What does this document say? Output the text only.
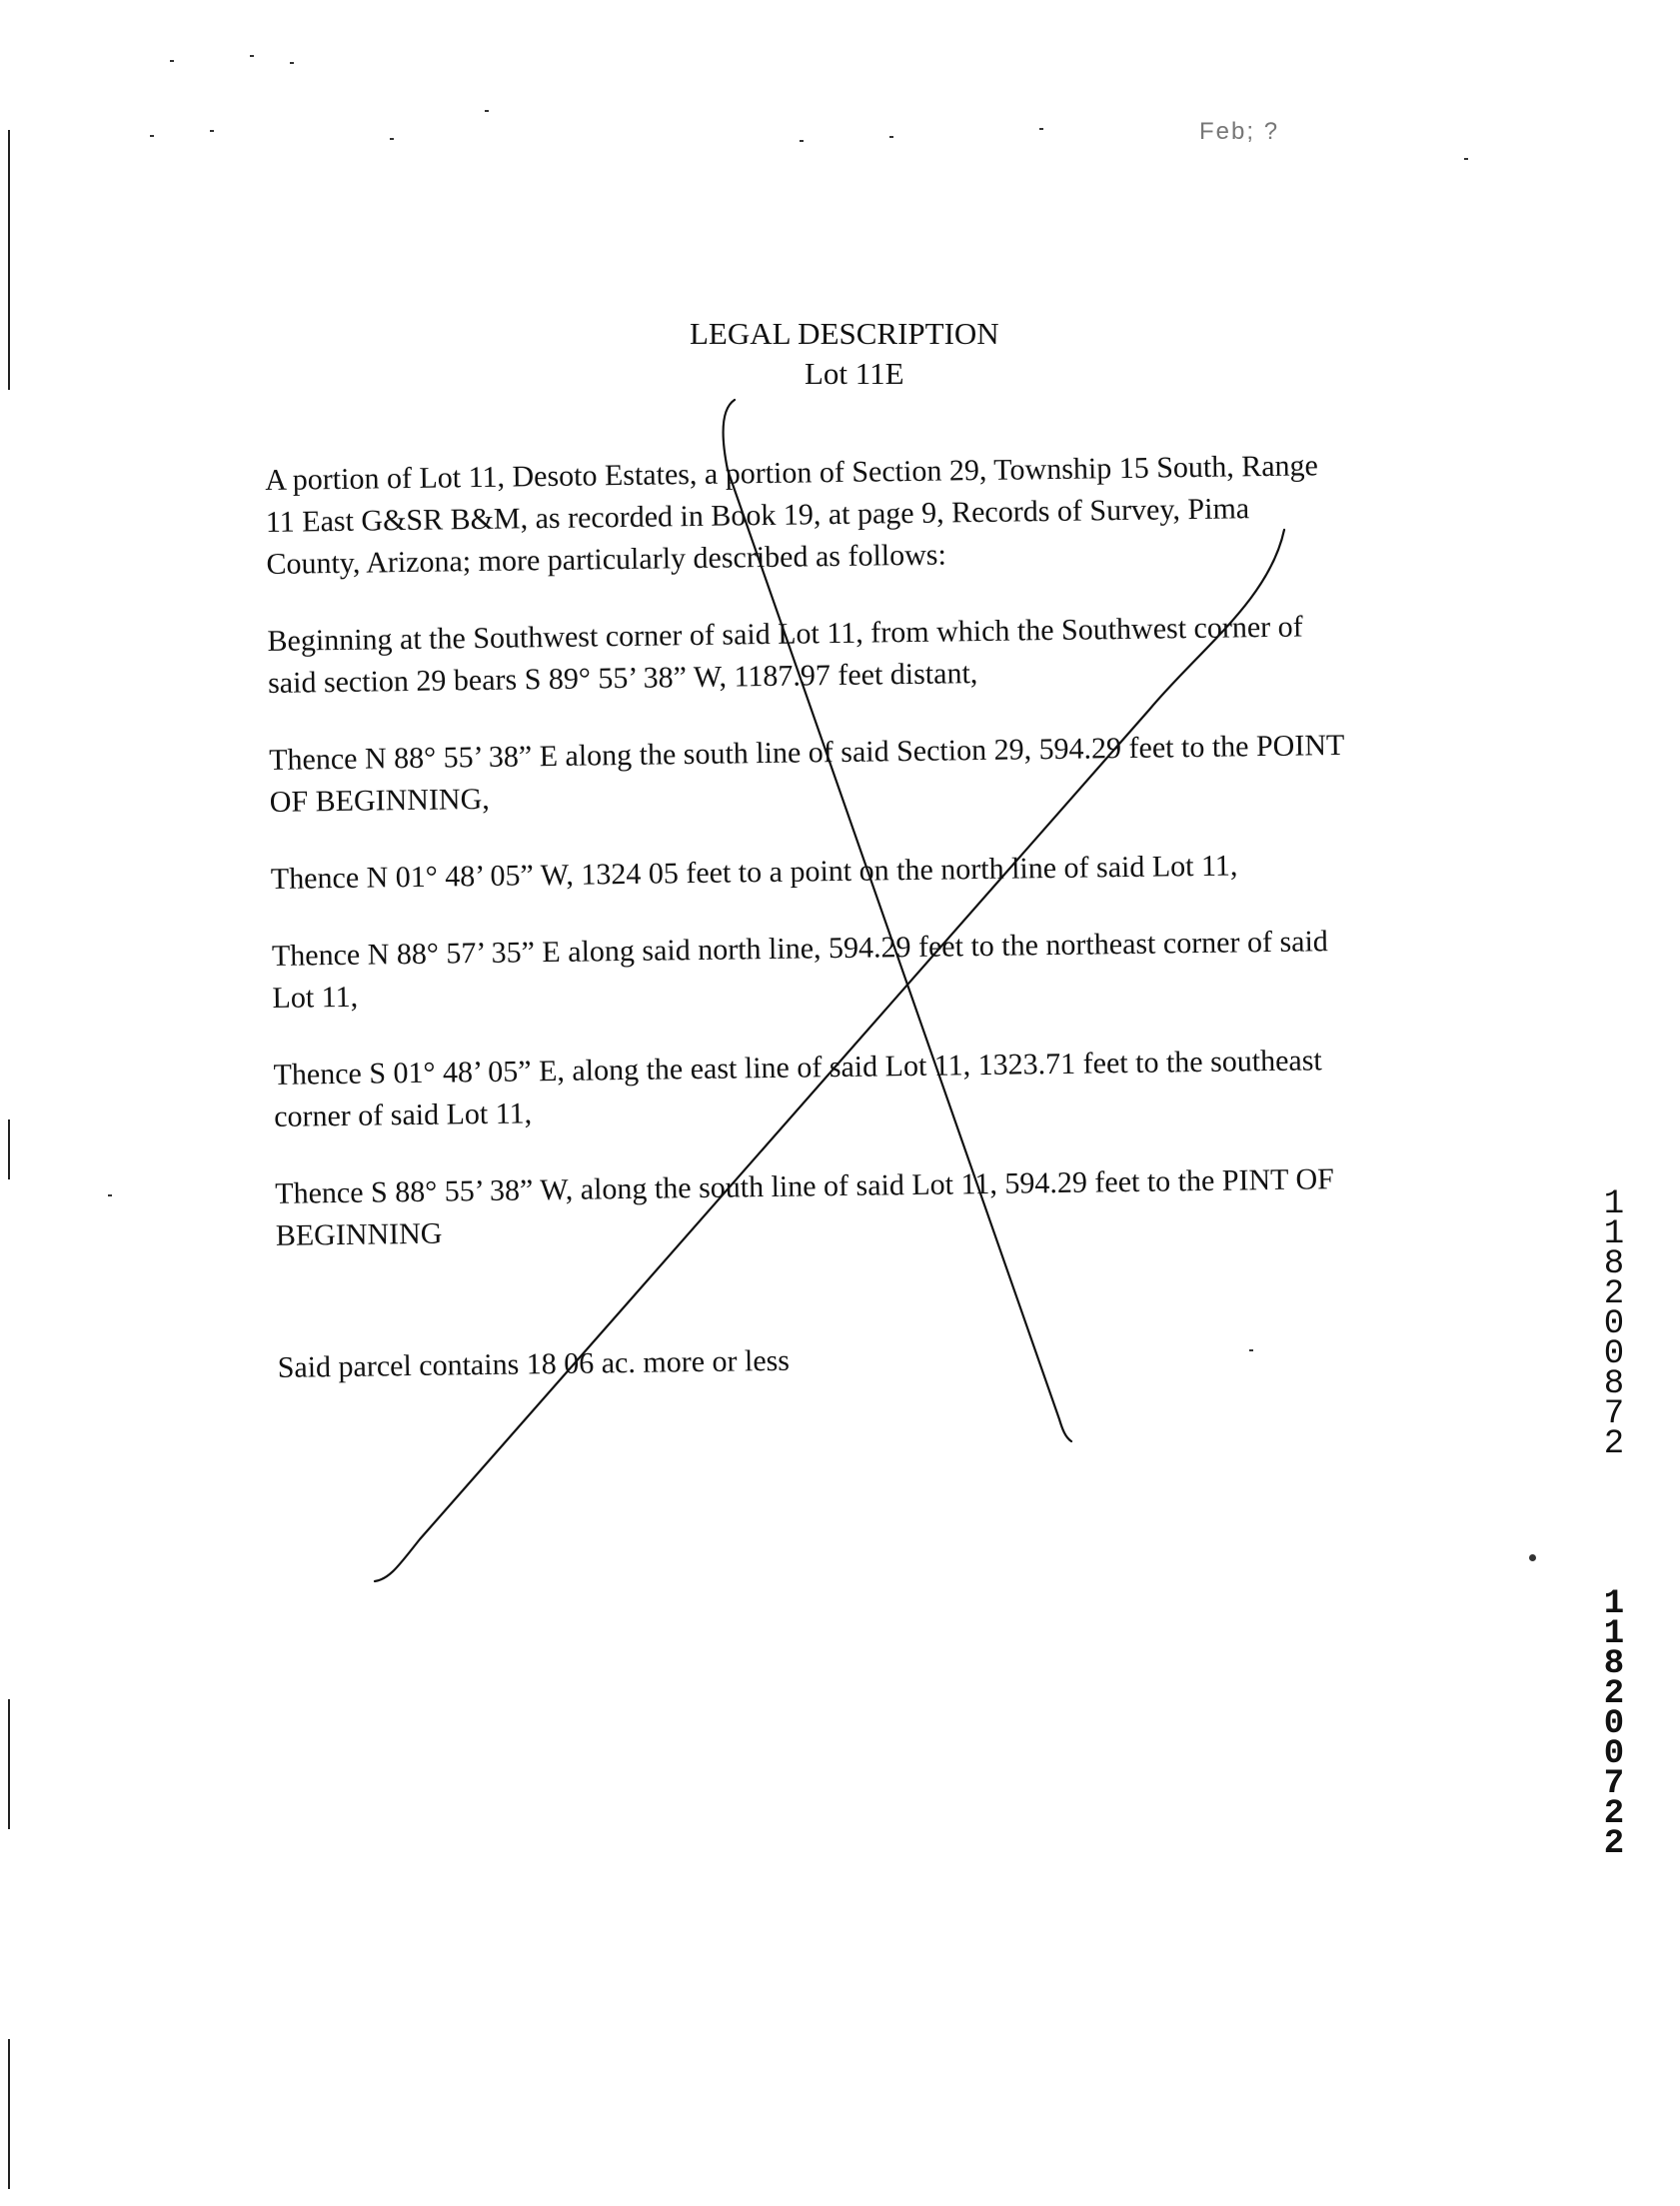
Feb; ?
LEGAL DESCRIPTION
Lot 11E

A portion of Lot 11, Desoto Estates, a portion of Section 29, Township 15 South, Range
11 East G&SR B&M, as recorded in Book 19, at page 9, Records of Survey, Pima
County, Arizona; more particularly described as follows:

Beginning at the Southwest corner of said Lot 11, from which the Southwest corner of
said section 29 bears S 89° 55’ 38” W, 1187.97 feet distant,

Thence N 88° 55’ 38” E along the south line of said Section 29, 594.29 feet to the POINT
OF BEGINNING,

Thence N 01° 48’ 05” W, 1324 05 feet to a point on the north line of said Lot 11,

Thence N 88° 57’ 35” E along said north line, 594.29 feet to the northeast corner of said
Lot 11,

Thence S 01° 48’ 05” E, along the east line of said Lot 11, 1323.71 feet to the southeast
corner of said Lot 11,

Thence S 88° 55’ 38” W, along the south line of said Lot 11, 594.29 feet to the PINT OF
BEGINNING

Said parcel contains 18 06 ac. more or less

11820 0872
11820 0722
